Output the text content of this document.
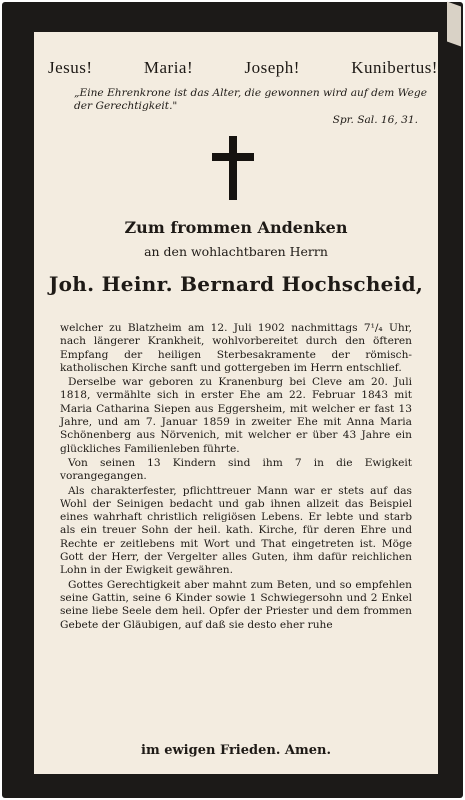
Jesus!	Maria!	Joseph!	Kunibertus!
„Eine Ehrenkrone ist das Alter, die gewonnen wird auf dem Wege der Gerechtigkeit."
Spr. Sal. 16, 31.
Zum frommen Andenken
an den wohlachtbaren Herrn
Joh. Heinr. Bernard Hochscheid,

welcher zu Blatzheim am 12. Juli 1902 nachmittags 7¹/₄ Uhr, nach längerer Krankheit, wohlvorbereitet durch den öfteren Empfang der heiligen Sterbesakramente der römisch-katholischen Kirche sanft und gottergeben im Herrn entschlief.

Derselbe war geboren zu Kranenburg bei Cleve am 20. Juli 1818, vermählte sich in erster Ehe am 22. Februar 1843 mit Maria Catharina Siepen aus Eggersheim, mit welcher er fast 13 Jahre, und am 7. Januar 1859 in zweiter Ehe mit Anna Maria Schönenberg aus Nörvenich, mit welcher er über 43 Jahre ein glückliches Familienleben führte.

Von seinen 13 Kindern sind ihm 7 in die Ewigkeit vorangegangen.

Als charakterfester, pflichttreuer Mann war er stets auf das Wohl der Seinigen bedacht und gab ihnen allzeit das Beispiel eines wahrhaft christlich religiösen Lebens. Er lebte und starb als ein treuer Sohn der heil. kath. Kirche, für deren Ehre und Rechte er zeitlebens mit Wort und That eingetreten ist. Möge Gott der Herr, der Vergelter alles Guten, ihm dafür reichlichen Lohn in der Ewigkeit gewähren.

Gottes Gerechtigkeit aber mahnt zum Beten, und so empfehlen seine Gattin, seine 6 Kinder sowie 1 Schwiegersohn und 2 Enkel seine liebe Seele dem heil. Opfer der Priester und dem frommen Gebete der Gläubigen, auf daß sie desto eher ruhe

im ewigen Frieden. Amen.
